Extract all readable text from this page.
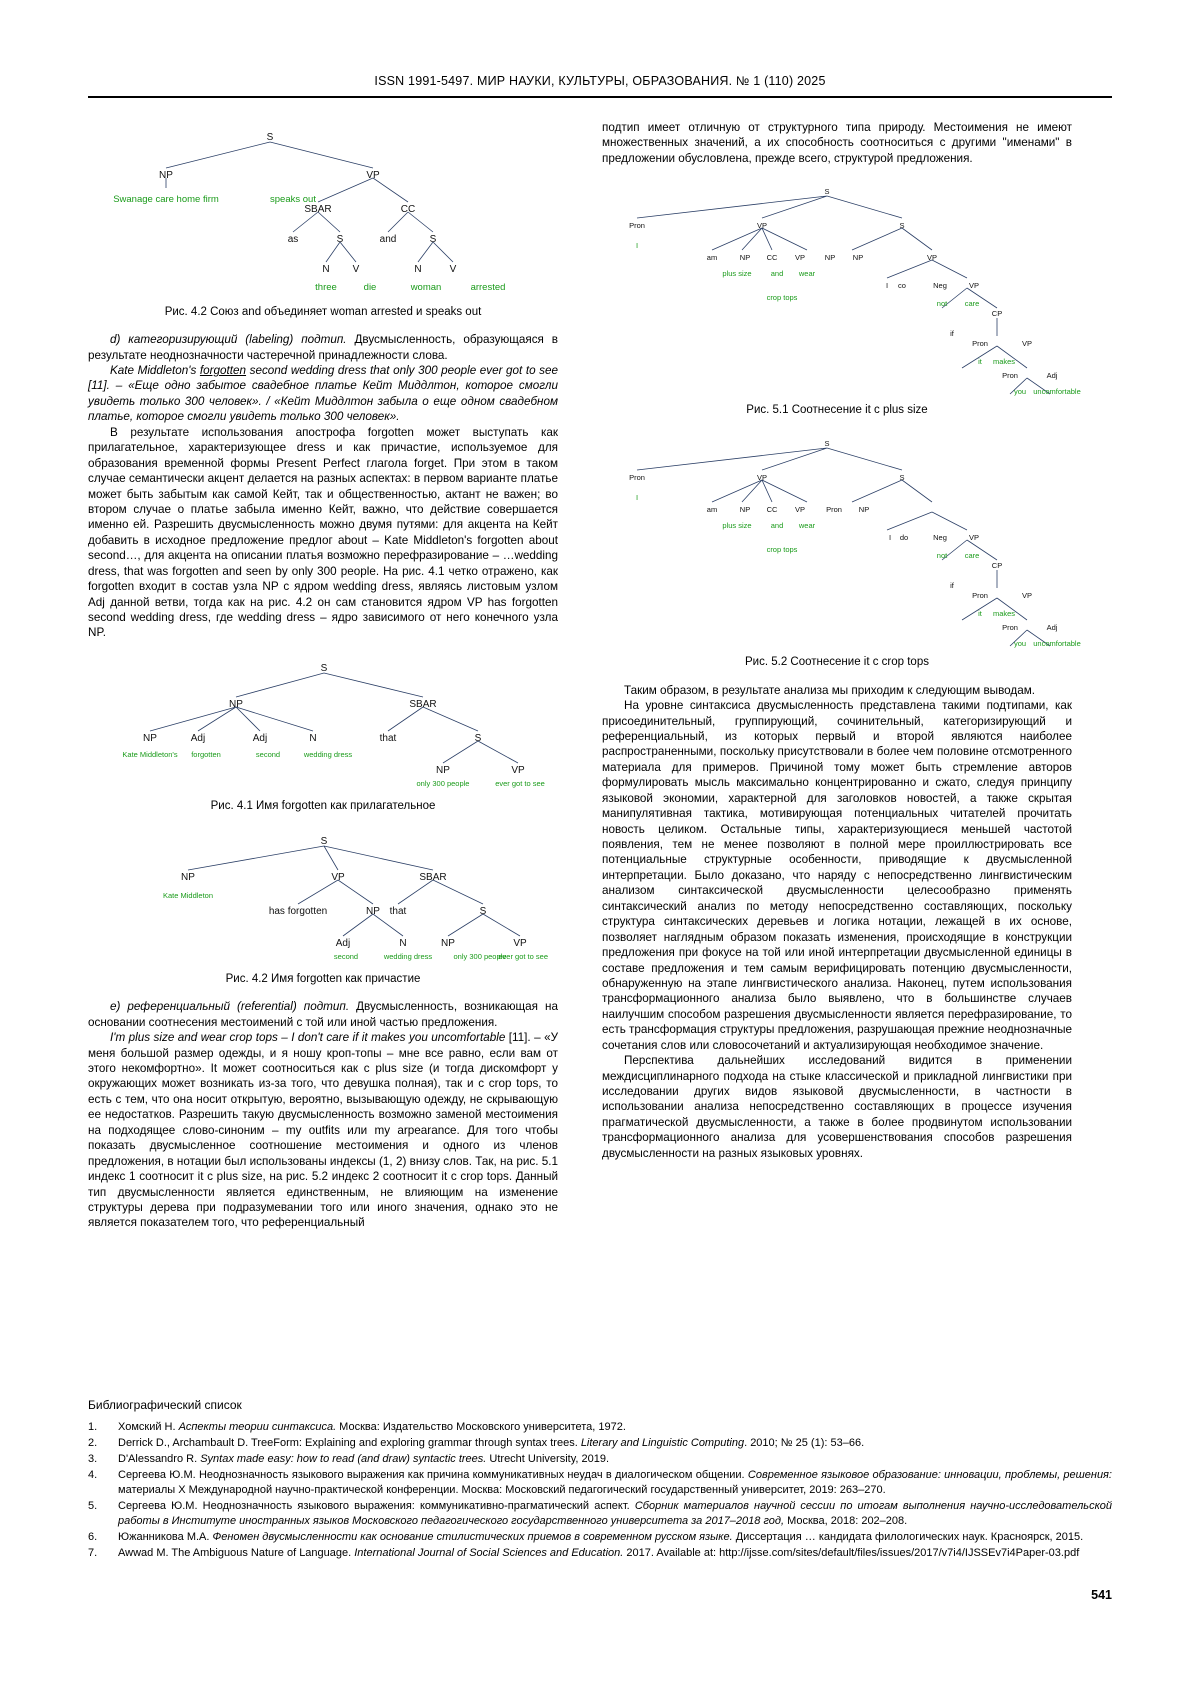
ISSN 1991-5497. МИР НАУКИ, КУЛЬТУРЫ, ОБРАЗОВАНИЯ. № 1 (110) 2025
S
NP	VP
SBAR	CC
as	S	and	S
N V	N	V
Swanage care home firm	speaks out
three	die	woman	arrested
Рис. 4.2 Союз and объединяет woman arrested и speaks out

d) категоризирующий (labeling) подтип. Двусмысленность, образующаяся в результате неоднозначности частеречной принадлежности слова.

Kate Middleton's forgotten second wedding dress that only 300 people ever got to see [11]. – «Еще одно забытое свадебное платье Кейт Миддлтон, которое смогли увидеть только 300 человек». / «Кейт Миддлтон забыла о еще одном свадебном платье, которое смогли увидеть только 300 человек».

В результате использования апострофа forgotten может выступать как прилагательное, характеризующее dress и как причастие, используемое для образования временной формы Present Perfect глагола forget. При этом в таком случае семантически акцент делается на разных аспектах: в первом варианте платье может быть забытым как самой Кейт, так и общественностью, актант не важен; во втором случае о платье забыла именно Кейт, важно, что действие совершается именно ей. Разрешить двусмысленность можно двумя путями: для акцента на Кейт добавить в исходное предложение предлог about – Kate Middleton's forgotten about second…, для акцента на описании платья возможно перефразирование – …wedding dress, that was forgotten and seen by only 300 people. На рис. 4.1 четко отражено, как forgotten входит в состав узла NP с ядром wedding dress, являясь листовым узлом Adj данной ветви, тогда как на рис. 4.2 он сам становится ядром VP has forgotten second wedding dress, где wedding dress – ядро зависимого от него конечного узла NP.

S
NP	SBAR
NP	Adj	Adj	N	that	S
NP	VP
Kate Middleton's forgotten	second	wedding dress
only 300 people	ever got to see
Рис. 4.1 Имя forgotten как прилагательное
S
NP	VP	SBAR
has forgotten	NP that	S
Adj	N	NP	VP
Kate Middleton
second	wedding dress	only 300 people
ever got to see
Рис. 4.2 Имя forgotten как причастие

e) референциальный (referential) подтип. Двусмысленность, возникающая на основании соотнесения местоимений с той или иной частью предложения.

I'm plus size and wear crop tops – I don't care if it makes you uncomfortable [11]. – «У меня большой размер одежды, и я ношу кроп-топы – мне все равно, если вам от этого некомфортно». It может соотноситься как с plus size (и тогда дискомфорт у окружающих может возникать из-за того, что девушка полная), так и с crop tops, то есть с тем, что она носит открытую, вероятно, вызывающую одежду, не скрывающую ее недостатков. Разрешить такую двусмысленность возможно заменой местоимения на подходящее слово-синоним – my outfits или my arpearance. Для того чтобы показать двусмысленное соотношение местоимения и одного из членов предложения, в нотации был использованы индексы (1, 2) внизу слов. Так, на рис. 5.1 индекс 1 соотносит it с plus size, на рис. 5.2 индекс 2 соотносит it с crop tops. Данный тип двусмысленности является единственным, не влияющим на изменение структуры дерева при подразумевании того или иного значения, однако это не является показателем того, что референциальный

подтип имеет отличную от структурного типа природу. Местоимения не имеют множественных значений, а их способность соотноситься с другими "именами" в предложении обусловлена, прежде всего, структурой предложения.

S
Pron	VP	S
am	NP CC VP	NP NP	VP
I co	Neg	VP
CP
if
Pron	VP
Pron	Adj
I
plus size	and wear
crop tops
not care
it makes
you uncomfortable
Рис. 5.1 Соотнесение it с plus size
S
Pron	VP	S
am	NP CC VP	Pron NP
I do	Neg	VP
CP
if
Pron	VP
Pron	Adj
I
plus size	and wear
crop tops
not care
it makes
you uncomfortable
Рис. 5.2 Соотнесение it с crop tops

Таким образом, в результате анализа мы приходим к следующим выводам.

На уровне синтаксиса двусмысленность представлена такими подтипами, как присоединительный, группирующий, сочинительный, категоризирующий и референциальный, из которых первый и второй являются наиболее распространенными, поскольку присутствовали в более чем половине отсмотренного материала для примеров. Причиной тому может быть стремление авторов формулировать мысль максимально концентрированно и сжато, следуя принципу языковой экономии, характерной для заголовков новостей, а также скрытая манипулятивная тактика, мотивирующая потенциальных читателей прочитать новость целиком. Остальные типы, характеризующиеся меньшей частотой появления, тем не менее позволяют в полной мере проиллюстрировать все потенциальные структурные особенности, приводящие к двусмысленной интерпретации. Было доказано, что наряду с непосредственно лингвистическим анализом синтаксической двусмысленности целесообразно применять синтаксический анализ по методу непосредственно составляющих, поскольку структура синтаксических деревьев и логика нотации, лежащей в их основе, позволяет наглядным образом показать изменения, происходящие в конструкции предложения при фокусе на той или иной интерпретации двусмысленной единицы в составе предложения и тем самым верифицировать потенцию двусмысленности, обнаруженную на этапе лингвистического анализа. Наконец, путем использования трансформационного анализа было выявлено, что в большинстве случаев наилучшим способом разрешения двусмысленности является перефразирование, то есть трансформация структуры предложения, разрушающая прежние неоднозначные сочетания слов или словосочетаний и актуализирующая необходимое значение.

Перспектива дальнейших исследований видится в применении междисциплинарного подхода на стыке классической и прикладной лингвистики при исследовании других видов языковой двусмысленности, в частности в использовании анализа непосредственно составляющих в процессе изучения прагматической двусмысленности, а также в более продвинутом использовании трансформационного анализа для усовершенствования способов разрешения двусмысленности на разных языковых уровнях.

Библиографический список
1. Хомский Н. Аспекты теории синтаксиса. Москва: Издательство Московского университета, 1972.
2. Derrick D., Archambault D. TreeForm: Explaining and exploring grammar through syntax trees. Literary and Linguistic Computing. 2010; № 25 (1): 53–66.
3. D'Alessandro R. Syntax made easy: how to read (and draw) syntactic trees. Utrecht University, 2019.
4. Сергеева Ю.М. Неоднозначность языкового выражения как причина коммуникативных неудач в диалогическом общении. Современное языковое образование: инновации, проблемы, решения: материалы X Международной научно-практической конференции. Москва: Московский педагогический государственный университет, 2019: 263–270.
5. Сергеева Ю.М. Неоднозначность языкового выражения: коммуникативно-прагматический аспект. Сборник материалов научной сессии по итогам выполнения научно-исследовательской работы в Институте иностранных языков Московского педагогического государственного университета за 2017–2018 год, Москва, 2018: 202–208.
6. Южанникова М.А. Феномен двусмысленности как основание стилистических приемов в современном русском языке. Диссертация … кандидата филологических наук. Красноярск, 2015.
7. Awwad M. The Ambiguous Nature of Language. International Journal of Social Sciences and Education. 2017. Available at: http://ijsse.com/sites/default/files/issues/2017/v7i4/IJSSEv7i4Paper-03.pdf
541
